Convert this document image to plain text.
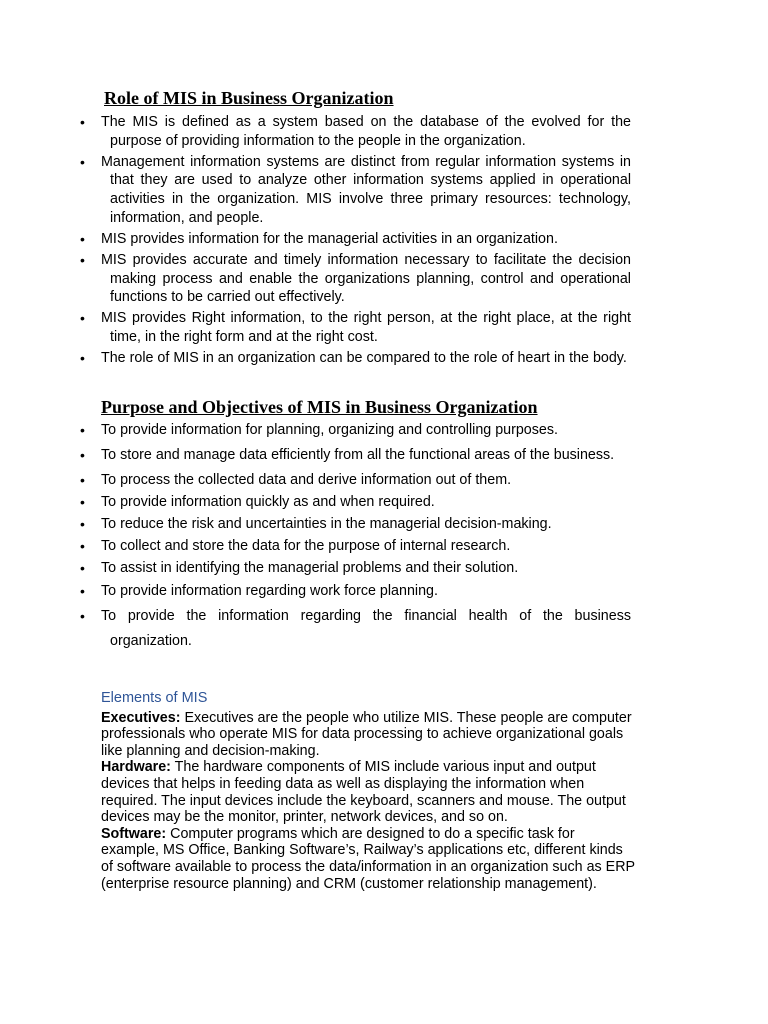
Role of MIS in Business Organization
• The MIS is defined as a system based on the database of the evolved for the purpose of providing information to the people in the organization.
• Management information systems are distinct from regular information systems in that they are used to analyze other information systems applied in operational activities in the organization. MIS involve three primary resources: technology, information, and people.
• MIS provides information for the managerial activities in an organization.
• MIS provides accurate and timely information necessary to facilitate the decision making process and enable the organizations planning, control and operational functions to be carried out effectively.
• MIS provides Right information, to the right person, at the right place, at the right time, in the right form and at the right cost.
• The role of MIS in an organization can be compared to the role of heart in the body.
Purpose and Objectives of MIS in Business Organization
• To provide information for planning, organizing and controlling purposes.
• To store and manage data efficiently from all the functional areas of the business.
• To process the collected data and derive information out of them.
• To provide information quickly as and when required.
• To reduce the risk and uncertainties in the managerial decision-making.
• To collect and store the data for the purpose of internal research.
• To assist in identifying the managerial problems and their solution.
• To provide information regarding work force planning.
• To provide the information regarding the financial health of the business organization.
Elements of MIS

Executives: Executives are the people who utilize MIS. These people are computer professionals who operate MIS for data processing to achieve organizational goals like planning and decision-making.

Hardware: The hardware components of MIS include various input and output devices that helps in feeding data as well as displaying the information when required. The input devices include the keyboard, scanners and mouse. The output devices may be the monitor, printer, network devices, and so on.

Software: Computer programs which are designed to do a specific task for example, MS Office, Banking Software’s, Railway’s applications etc, different kinds of software available to process the data/information in an organization such as ERP (enterprise resource planning) and CRM (customer relationship management).
